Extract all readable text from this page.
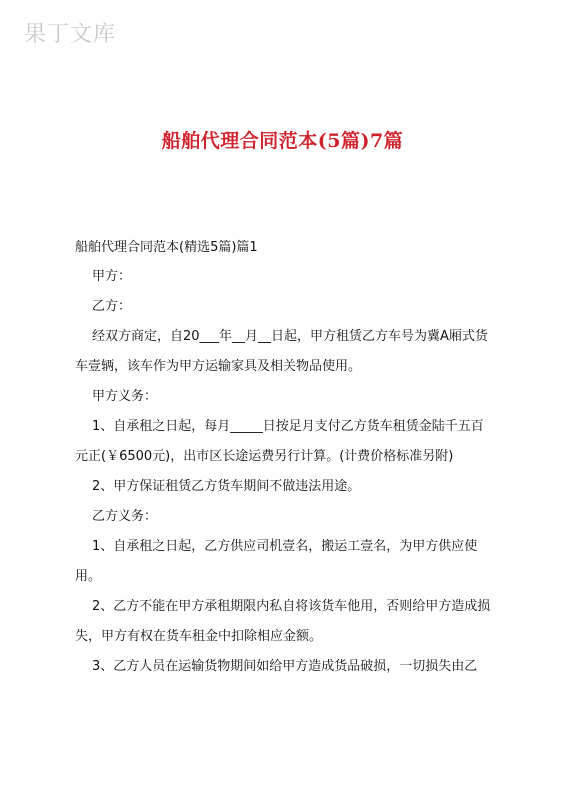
果丁文库
船舶代理合同范本(5篇)7篇
船舶代理合同范本(精选5篇)篇1
甲方：
乙方：
经双方商定，自20___年__月__日起，甲方租赁乙方车号为冀A厢式货车壹辆，该车作为甲方运输家具及相关物品使用。
甲方义务：
1、自承租之日起，每月_____日按足月支付乙方货车租赁金陆千五百元正(￥6500元)，出市区长途运费另行计算。(计费价格标准另附)
2、甲方保证租赁乙方货车期间不做违法用途。
乙方义务：
1、自承租之日起，乙方供应司机壹名，搬运工壹名，为甲方供应使用。
2、乙方不能在甲方承租期限内私自将该货车他用，否则给甲方造成损失，甲方有权在货车租金中扣除相应金额。
3、乙方人员在运输货物期间如给甲方造成货品破损，一切损失由乙
